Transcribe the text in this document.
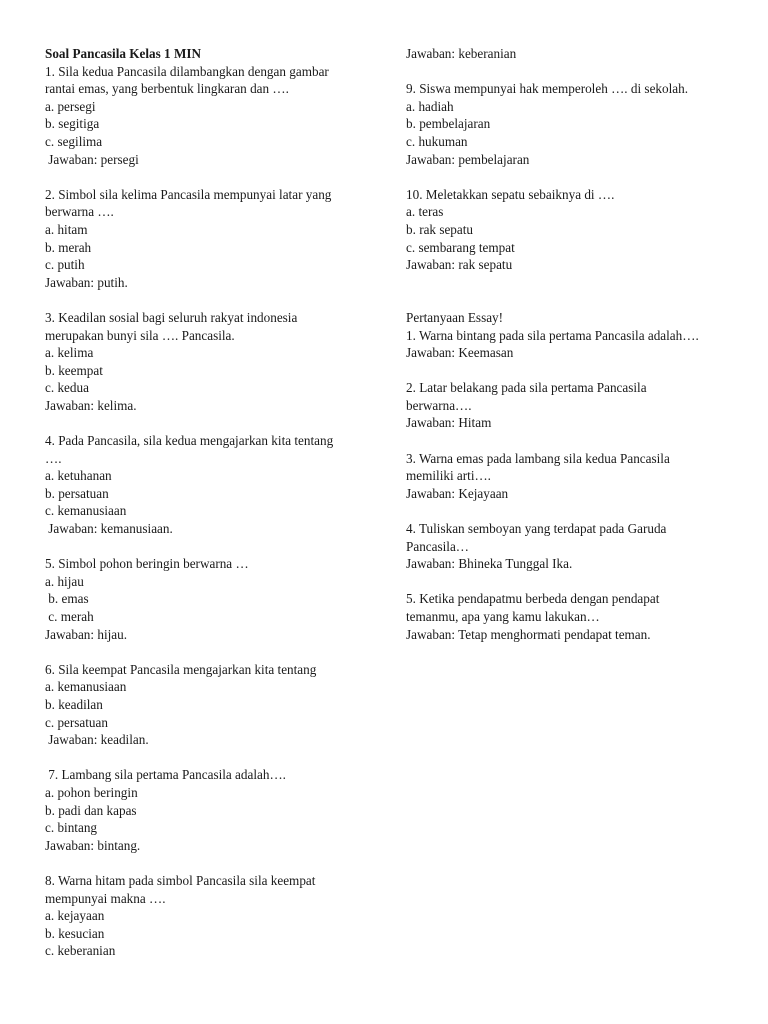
Soal Pancasila Kelas 1 MIN
1. Sila kedua Pancasila dilambangkan dengan gambar
rantai emas, yang berbentuk lingkaran dan ….
a. persegi
b. segitiga
c. segilima
Jawaban: persegi
2. Simbol sila kelima Pancasila mempunyai latar yang
berwarna ….
a. hitam
b. merah
c. putih
Jawaban: putih.
3. Keadilan sosial bagi seluruh rakyat indonesia
merupakan bunyi sila …. Pancasila.
a. kelima
b. keempat
c. kedua
Jawaban: kelima.
4. Pada Pancasila, sila kedua mengajarkan kita tentang
….
a. ketuhanan
b. persatuan
c. kemanusiaan
Jawaban: kemanusiaan.
5. Simbol pohon beringin berwarna …
a. hijau
b. emas
c. merah
Jawaban: hijau.
6. Sila keempat Pancasila mengajarkan kita tentang
a. kemanusiaan
b. keadilan
c. persatuan
Jawaban: keadilan.
7. Lambang sila pertama Pancasila adalah….
a. pohon beringin
b. padi dan kapas
c. bintang
Jawaban: bintang.
8. Warna hitam pada simbol Pancasila sila keempat
mempunyai makna ….
a. kejayaan
b. kesucian
c. keberanian
Jawaban: keberanian
9. Siswa mempunyai hak memperoleh …. di sekolah.
a. hadiah
b. pembelajaran
c. hukuman
Jawaban: pembelajaran
10. Meletakkan sepatu sebaiknya di ….
a. teras
b. rak sepatu
c. sembarang tempat
Jawaban: rak sepatu
Pertanyaan Essay!
1. Warna bintang pada sila pertama Pancasila adalah….
Jawaban: Keemasan
2. Latar belakang pada sila pertama Pancasila
berwarna….
Jawaban: Hitam
3. Warna emas pada lambang sila kedua Pancasila
memiliki arti….
Jawaban: Kejayaan
4. Tuliskan semboyan yang terdapat pada Garuda
Pancasila…
Jawaban: Bhineka Tunggal Ika.
5. Ketika pendapatmu berbeda dengan pendapat
temanmu, apa yang kamu lakukan…
Jawaban: Tetap menghormati pendapat teman.
